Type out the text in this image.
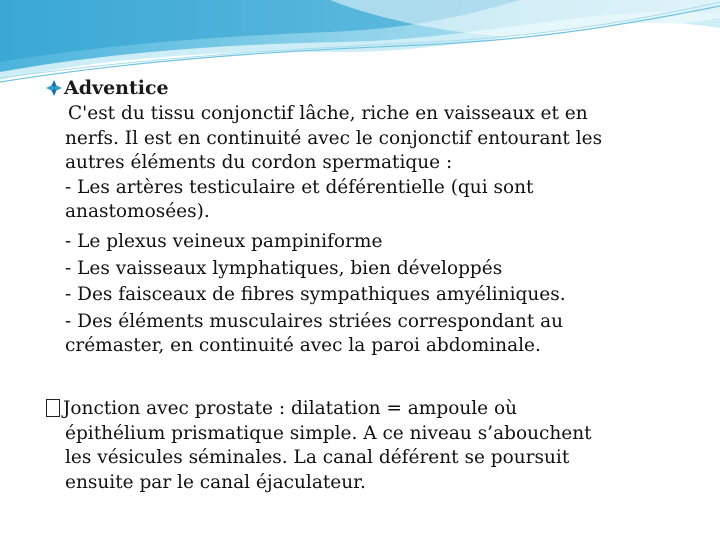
Adventice
C'est du tissu conjonctif lâche, riche en vaisseaux et en
nerfs. Il est en continuité avec le conjonctif entourant les
autres éléments du cordon spermatique :
- Les artères testiculaire et déférentielle (qui sont
anastomosées).
- Le plexus veineux pampiniforme
- Les vaisseaux lymphatiques, bien développés
- Des faisceaux de fibres sympathiques amyéliniques.
- Des éléments musculaires striées correspondant au
crémaster, en continuité avec la paroi abdominale.
Jonction avec prostate : dilatation = ampoule où
épithélium prismatique simple. A ce niveau s’abouchent
les vésicules séminales. La canal déférent se poursuit
ensuite par le canal éjaculateur.
